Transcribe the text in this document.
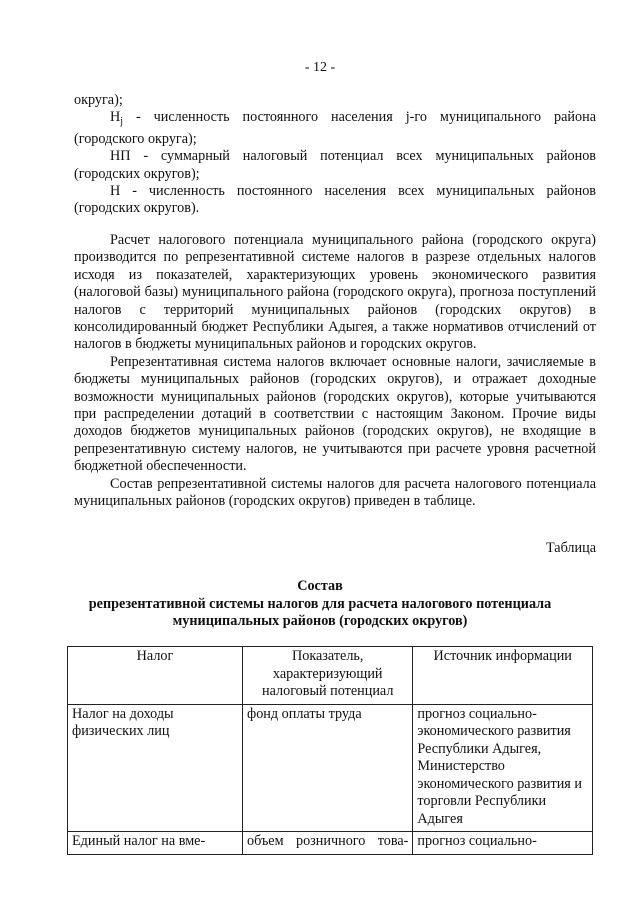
- 12 -

округа);

$H_j$ - численность постоянного населения j-го муниципального района (городского округа);

НП - суммарный налоговый потенциал всех муниципальных районов (городских округов);

Н - численность постоянного населения всех муниципальных районов (городских округов).

Расчет налогового потенциала муниципального района (городского округа) производится по репрезентативной системе налогов в разрезе отдельных налогов исходя из показателей, характеризующих уровень экономического развития (налоговой базы) муниципального района (городского округа), прогноза поступлений налогов с территорий муниципальных районов (городских округов) в консолидированный бюджет Республики Адыгея, а также нормативов отчислений от налогов в бюджеты муниципальных районов и городских округов.

Репрезентативная система налогов включает основные налоги, зачисляемые в бюджеты муниципальных районов (городских округов), и отражает доходные возможности муниципальных районов (городских округов), которые учитываются при распределении дотаций в соответствии с настоящим Законом. Прочие виды доходов бюджетов муниципальных районов (городских округов), не входящие в репрезентативную систему налогов, не учитываются при расчете уровня расчетной бюджетной обеспеченности.

Состав репрезентативной системы налогов для расчета налогового потенциала муниципальных районов (городских округов) приведен в таблице.

Таблица
Состав
репрезентативной системы налогов для расчета налогового потенциала
муниципальных районов (городских округов)
Налог	Показатель, характеризующий налоговый потенциал	Источник информации
Налог на доходы физических лиц	фонд оплаты труда	прогноз социально-экономического развития Республики Адыгея, Министерство экономического развития и торговли Республики Адыгея
Единый налог на вме-	объем розничного това-	прогноз социально-
